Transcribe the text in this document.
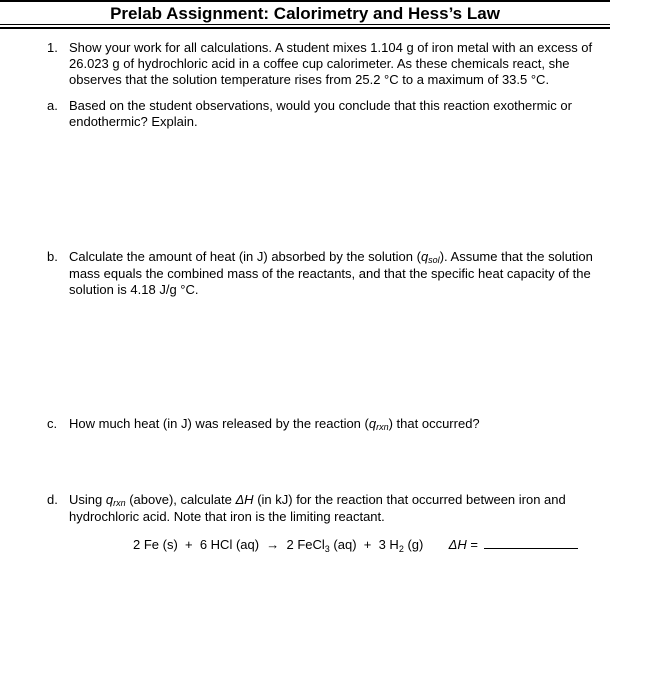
Prelab Assignment: Calorimetry and Hess’s Law
1. Show your work for all calculations. A student mixes 1.104 g of iron metal with an excess of
26.023 g of hydrochloric acid in a coffee cup calorimeter. As these chemicals react, she
observes that the solution temperature rises from 25.2 °C to a maximum of 33.5 °C.
a. Based on the student observations, would you conclude that this reaction exothermic or
endothermic? Explain.
b. Calculate the amount of heat (in J) absorbed by the solution (qsol). Assume that the solution
mass equals the combined mass of the reactants, and that the specific heat capacity of the
solution is 4.18 J/g °C.
c. How much heat (in J) was released by the reaction (qrxn) that occurred?
d. Using qrxn (above), calculate ΔH (in kJ) for the reaction that occurred between iron and
hydrochloric acid. Note that iron is the limiting reactant.
2 Fe (s)  +  6 HCl (aq)  →  2 FeCl$_3$ (aq)  +  3 $H_2$ (g)       ΔH =
